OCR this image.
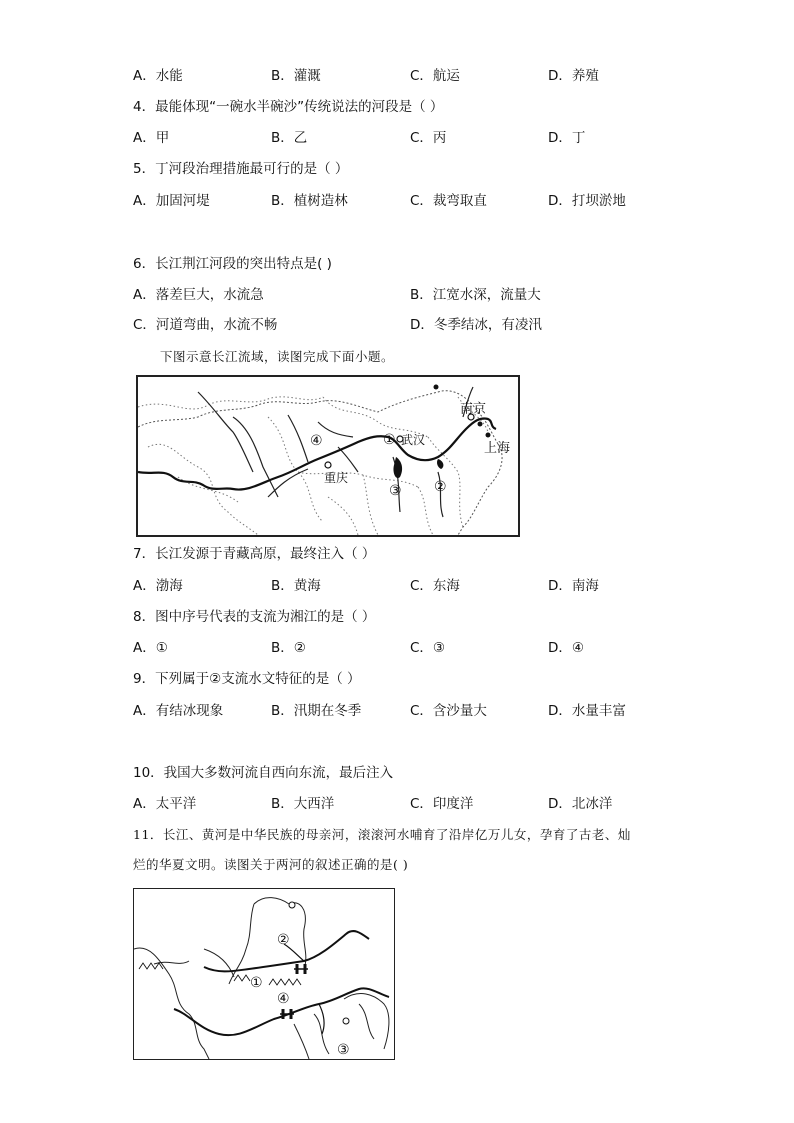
A．水能	B．灌溉	C．航运	D．养殖
4．最能体现“一碗水半碗沙”传统说法的河段是（ ）
A．甲	B．乙	C．丙	D．丁
5．丁河段治理措施最可行的是（ ）
A．加固河堤	B．植树造林	C．裁弯取直	D．打坝淤地
6．长江荆江河段的突出特点是( )
A．落差巨大，水流急	B．江宽水深，流量大
C．河道弯曲，水流不畅	D．冬季结冰，有凌汛
下图示意长江流域，读图完成下面小题。
南京
上海
武汉
重庆
①
②
③
④
7．长江发源于青藏高原，最终注入（ ）
A．渤海	B．黄海	C．东海	D．南海
8．图中序号代表的支流为湘江的是（ ）
A．①	B．②	C．③	D．④
9．下列属于②支流水文特征的是（ ）
A．有结冰现象	B．汛期在冬季	C．含沙量大	D．水量丰富
10．我国大多数河流自西向东流，最后注入
A．太平洋	B．大西洋	C．印度洋	D．北冰洋
11．长江、黄河是中华民族的母亲河，滚滚河水哺育了沿岸亿万儿女，孕育了古老、灿
烂的华夏文明。读图关于两河的叙述正确的是( )
①
②
③
④
